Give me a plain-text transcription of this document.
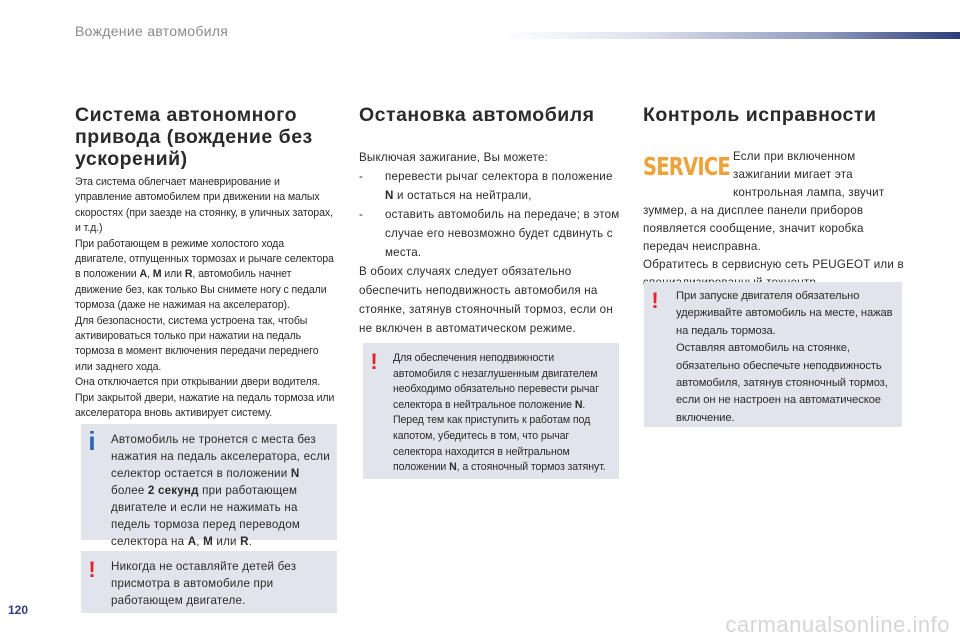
Вождение автомобиля
Система автономного привода (вождение без ускорений)

Эта система облегчает маневрирование и управление автомобилем при движении на малых скоростях (при заезде на стоянку, в уличных заторах, и т.д.)

При работающем в режиме холостого хода двигателе, отпущенных тормозах и рычаге селектора в положении A, M или R, автомобиль начнет движение без, как только Вы снимете ногу с педали тормоза (даже не нажимая на акселератор).

Для безопасности, система устроена так, чтобы активироваться только при нажатии на педаль тормоза в момент включения передачи переднего или заднего хода.

Она отключается при открывании двери водителя. При закрытой двери, нажатие на педаль тормоза или акселератора вновь активирует систему.

i Автомобиль не тронется с места без нажатия на педаль акселератора, если селектор остается в положении N более 2 секунд при работающем двигателе и если не нажимать на педель тормоза перед переводом селектора на A, M или R.
! Никогда не оставляйте детей без присмотра в автомобиле при работающем двигателе.
Остановка автомобиля

Выключая зажигание, Вы можете:

- перевести рычаг селектора в положение N и остаться на нейтрали,
- оставить автомобиль на передаче; в этом случае его невозможно будет сдвинуть с места.

В обоих случаях следует обязательно обеспечить неподвижность автомобиля на стоянке, затянув стояночный тормоз, если он не включен в автоматическом режиме.

!	Для обеспечения неподвижности автомобиля с незаглушенным двигателем необходимо обязательно перевести рычаг селектора в нейтральное положение N. Перед тем как приступить к работам под капотом, убедитесь в том, что рычаг селектора находится в нейтральном положении N, а стояночный тормоз затянут.
Контроль исправности
SERVICE Если при включенном зажигании мигает эта контрольная лампа, звучит

зуммер, а на дисплее панели приборов появляется сообщение, значит коробка передач неисправна.

Обратитесь в сервисную сеть PEUGEOT или в

! При запуске двигателя обязательно удерживайте автомобиль на месте, нажав на педаль тормоза.

Оставляя автомобиль на стоянке, обязательно обеспечьте неподвижность автомобиля, затянув стояночный тормоз, если он не настроен на автоматическое включение.

120
carmanualsonline.info
